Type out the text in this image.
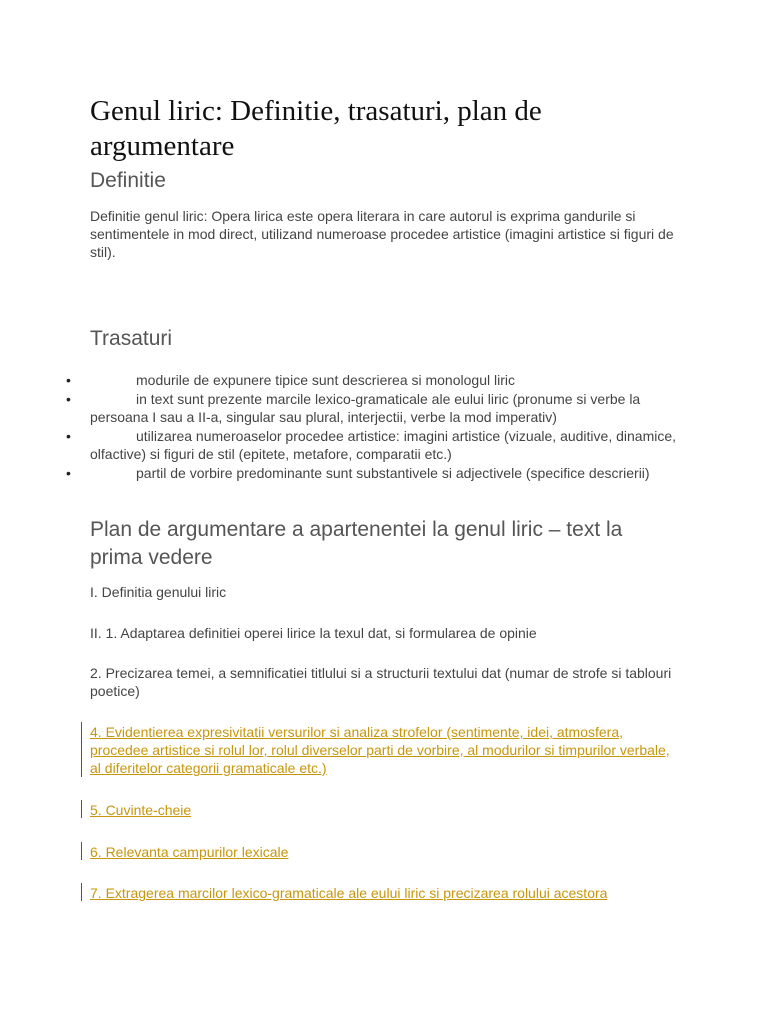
Genul liric: Definitie, trasaturi, plan de argumentare
Definitie

Definitie genul liric: Opera lirica este opera literara in care autorul is exprima gandurile si sentimentele in mod direct, utilizand numeroase procedee artistice (imagini artistice si figuri de stil).

Trasaturi
•	modurile de expunere tipice sunt descrierea si monologul liric
•	in text sunt prezente marcile lexico-gramaticale ale eului liric (pronume si verbe la persoana I sau a II-a, singular sau plural, interjectii, verbe la mod imperativ)
•	utilizarea numeroaselor procedee artistice: imagini artistice (vizuale, auditive, dinamice, olfactive) si figuri de stil (epitete, metafore, comparatii etc.)
•	partil de vorbire predominante sunt substantivele si adjectivele (specifice descrierii)
Plan de argumentare a apartenentei la genul liric – text la prima vedere

I. Definitia genului liric

II. 1. Adaptarea definitiei operei lirice la texul dat, si formularea de opinie

2. Precizarea temei, a semnificatiei titlului si a structurii textului dat (numar de strofe si tablouri poetice)

4. Evidentierea expresivitatii versurilor si analiza strofelor (sentimente, idei, atmosfera, procedee artistice si rolul lor, rolul diverselor parti de vorbire, al modurilor si timpurilor verbale, al diferitelor categorii gramaticale etc.)
5. Cuvinte-cheie
6. Relevanta campurilor lexicale
7. Extragerea marcilor lexico-gramaticale ale eului liric si precizarea rolului acestora
